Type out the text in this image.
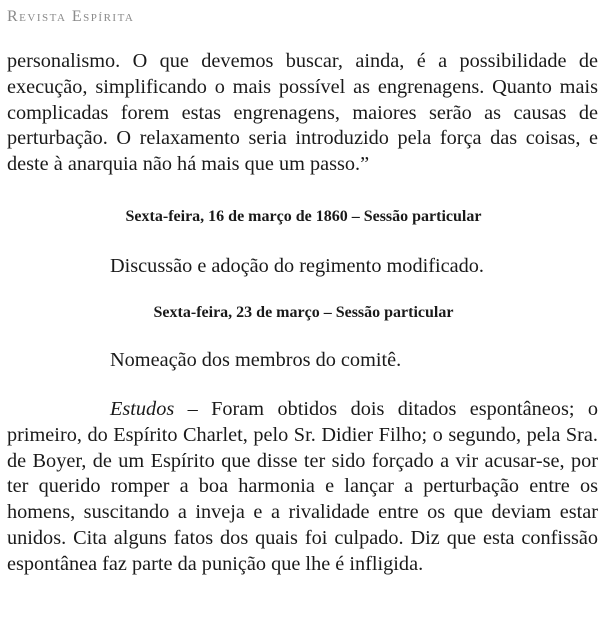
Revista Espírita

personalismo. O que devemos buscar, ainda, é a possibilidade de execução, simplificando o mais possível as engrenagens. Quanto mais complicadas forem estas engrenagens, maiores serão as causas de perturbação. O relaxamento seria introduzido pela força das coisas, e deste à anarquia não há mais que um passo.”

Sexta-feira, 16 de março de 1860 – Sessão particular

Discussão e adoção do regimento modificado.

Sexta-feira, 23 de março – Sessão particular

Nomeação dos membros do comitê.

Estudos – Foram obtidos dois ditados espontâneos; o primeiro, do Espírito Charlet, pelo Sr. Didier Filho; o segundo, pela Sra. de Boyer, de um Espírito que disse ter sido forçado a vir acusar-se, por ter querido romper a boa harmonia e lançar a perturbação entre os homens, suscitando a inveja e a rivalidade entre os que deviam estar unidos. Cita alguns fatos dos quais foi culpado. Diz que esta confissão espontânea faz parte da punição que lhe é infligida.
